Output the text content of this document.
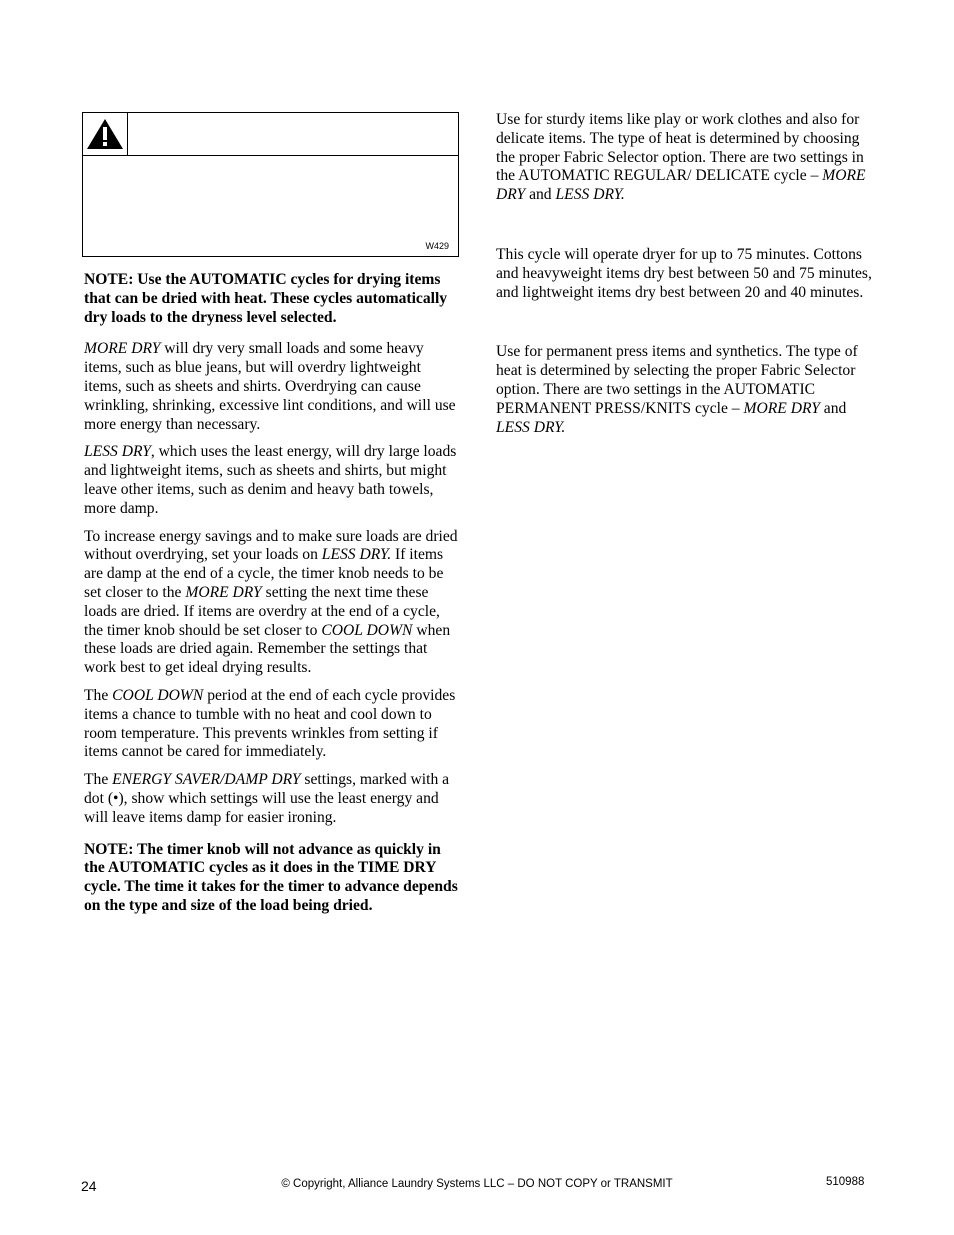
W429

NOTE: Use the AUTOMATIC cycles for drying items that can be dried with heat. These cycles automatically dry loads to the dryness level selected.

MORE DRY will dry very small loads and some heavy items, such as blue jeans, but will overdry lightweight items, such as sheets and shirts. Overdrying can cause wrinkling, shrinking, excessive lint conditions, and will use more energy than necessary.

LESS DRY, which uses the least energy, will dry large loads and lightweight items, such as sheets and shirts, but might leave other items, such as denim and heavy bath towels, more damp.

To increase energy savings and to make sure loads are dried without overdrying, set your loads on LESS DRY. If items are damp at the end of a cycle, the timer knob needs to be set closer to the MORE DRY setting the next time these loads are dried. If items are overdry at the end of a cycle, the timer knob should be set closer to COOL DOWN when these loads are dried again. Remember the settings that work best to get ideal drying results.

The COOL DOWN period at the end of each cycle provides items a chance to tumble with no heat and cool down to room temperature. This prevents wrinkles from setting if items cannot be cared for immediately.

The ENERGY SAVER/DAMP DRY settings, marked with a dot (•), show which settings will use the least energy and will leave items damp for easier ironing.

NOTE: The timer knob will not advance as quickly in the AUTOMATIC cycles as it does in the TIME DRY cycle. The time it takes for the timer to advance depends on the type and size of the load being dried.

Use for sturdy items like play or work clothes and also for delicate items. The type of heat is determined by choosing the proper Fabric Selector option. There are two settings in the AUTOMATIC REGULAR/ DELICATE cycle – MORE DRY and LESS DRY.

This cycle will operate dryer for up to 75 minutes. Cottons and heavyweight items dry best between 50 and 75 minutes, and lightweight items dry best between 20 and 40 minutes.

Use for permanent press items and synthetics. The type of heat is determined by selecting the proper Fabric Selector option. There are two settings in the AUTOMATIC PERMANENT PRESS/KNITS cycle – MORE DRY and LESS DRY.

24	© Copyright, Alliance Laundry Systems LLC – DO NOT COPY or TRANSMIT	510988
